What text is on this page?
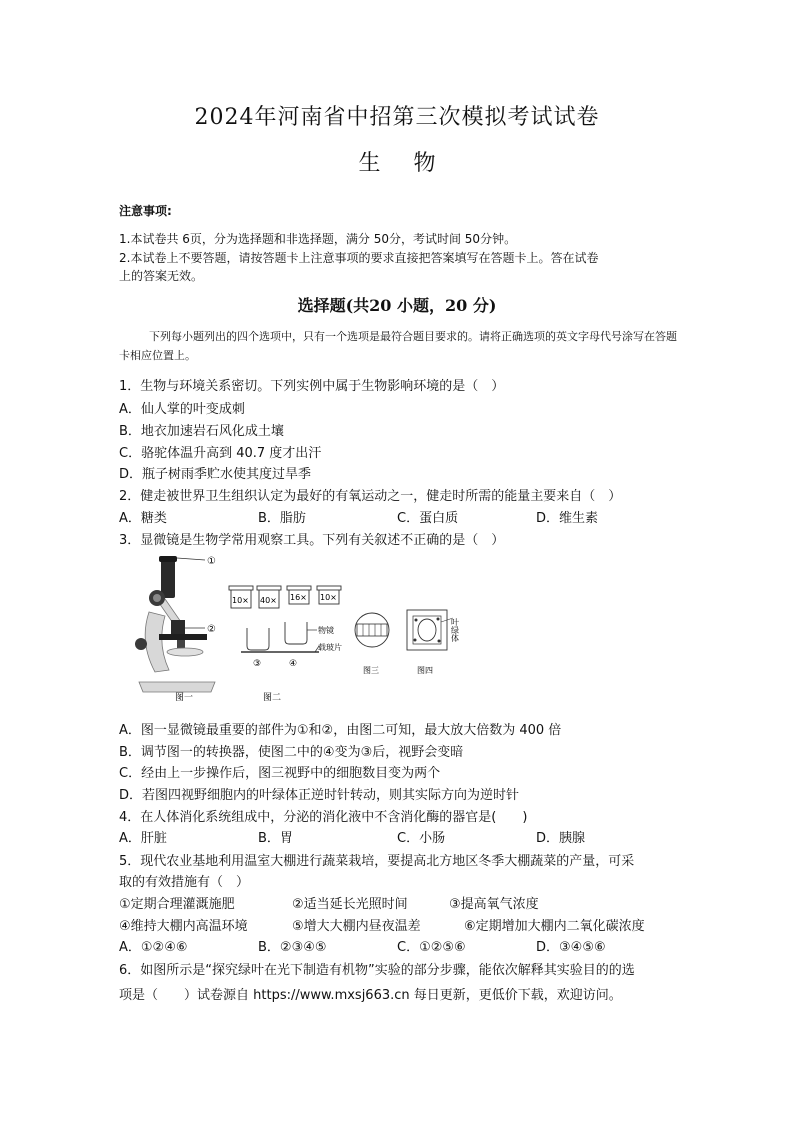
2024年河南省中招第三次模拟考试试卷
生 物
注意事项:
1.本试卷共 6页，分为选择题和非选择题，满分 50分，考试时间 50分钟。
2.本试卷上不要答题，请按答题卡上注意事项的要求直接把答案填写在答题卡上。答在试卷
上的答案无效。
选择题(共20 小题，20 分)
下列每小题列出的四个选项中，只有一个选项是最符合题目要求的。请将正确选项的英文字母代号涂写在答题卡相应位置上。
1．生物与环境关系密切。下列实例中属于生物影响环境的是（　）
A．仙人掌的叶变成刺
B．地衣加速岩石风化成土壤
C．骆驼体温升高到 40.7 度才出汗
D．瓶子树雨季贮水使其度过旱季
2．健走被世界卫生组织认定为最好的有氧运动之一，健走时所需的能量主要来自（　）
A．糖类	B．脂肪	C．蛋白质	D．维生素
3．显微镜是生物学常用观察工具。下列有关叙述不正确的是（　）
①
②
图一
10× 40× 16× 10×
物镜
载玻片
③	④
图二
图三
叶绿体
图四
A．图一显微镜最重要的部件为①和②，由图二可知，最大放大倍数为 400 倍
B．调节图一的转换器，使图二中的④变为③后，视野会变暗
C．经由上一步操作后，图三视野中的细胞数目变为两个
D．若图四视野细胞内的叶绿体正逆时针转动，则其实际方向为逆时针
4．在人体消化系统组成中，分泌的消化液中不含消化酶的器官是(　　)
A．肝脏	B．胃	C．小肠	D．胰腺
5．现代农业基地利用温室大棚进行蔬菜栽培，要提高北方地区冬季大棚蔬菜的产量，可采
取的有效措施有（　）
①定期合理灌溉施肥	②适当延长光照时间	③提高氧气浓度
④维持大棚内高温环境	⑤增大大棚内昼夜温差	⑥定期增加大棚内二氧化碳浓度
A．①②④⑥	B．②③④⑤	C．①②⑤⑥	D．③④⑤⑥
6．如图所示是“探究绿叶在光下制造有机物”实验的部分步骤，能依次解释其实验目的的选
项是（　　）试卷源自 https://www.mxsj663.cn 每日更新，更低价下载，欢迎访问。
